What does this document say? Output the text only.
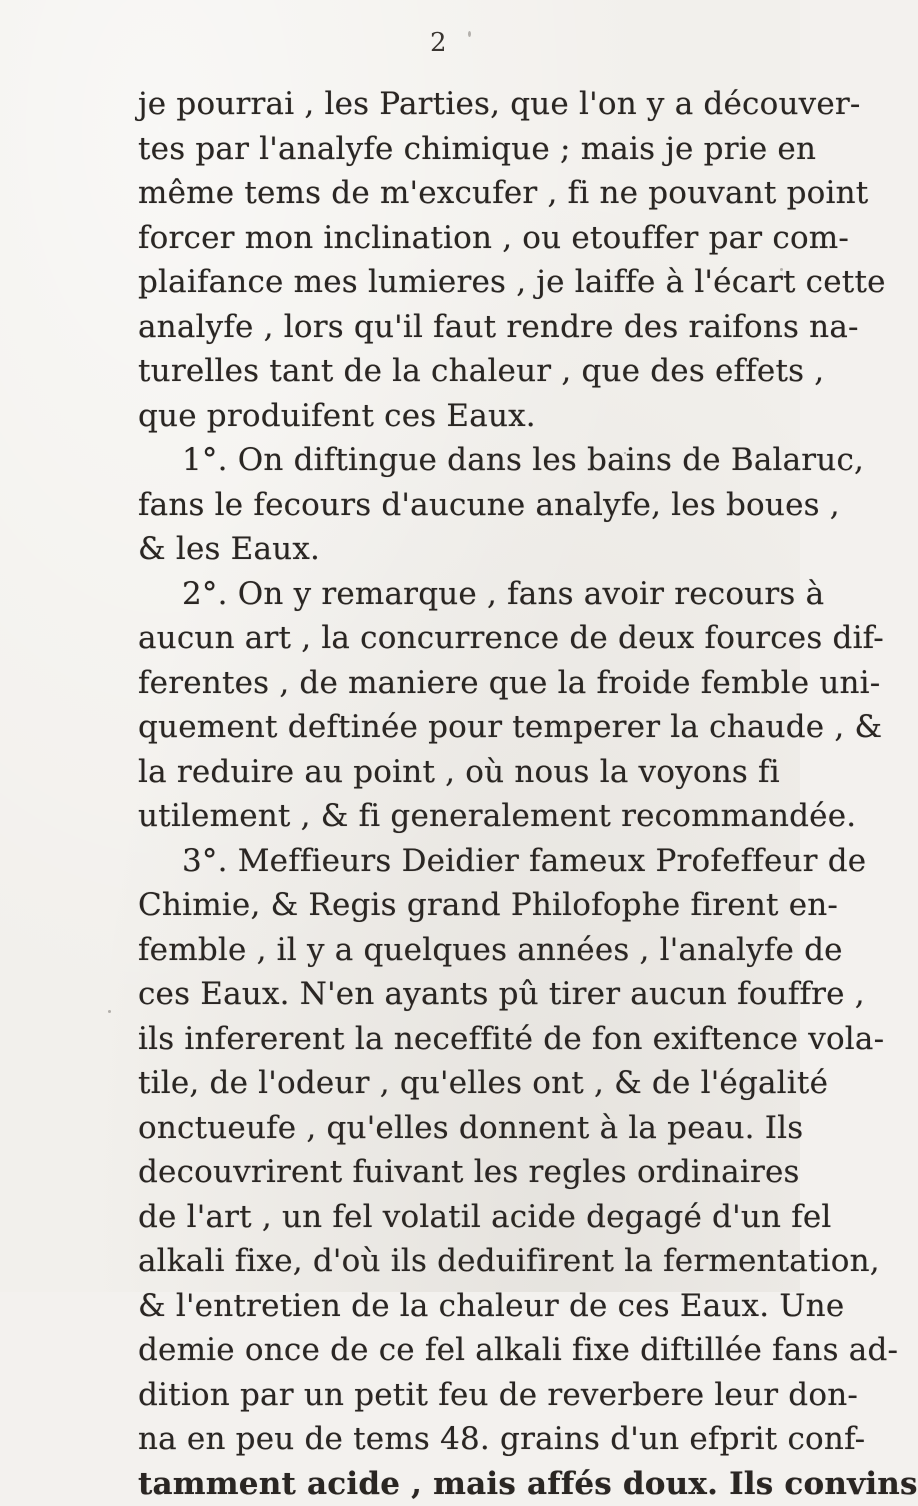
2
je pourrai , les Parties, que l'on y a découver-
tes par l'analyfe chimique ; mais je prie en
même tems de m'excufer , fi ne pouvant point
forcer mon inclination , ou etouffer par com-
plaifance mes lumieres , je laiffe à l'écart cette
analyfe , lors qu'il faut rendre des raifons na-
turelles tant de la chaleur , que des effets ,
que produifent ces Eaux.
1°. On diftingue dans les bains de Balaruc,
fans le fecours d'aucune analyfe, les boues ,
& les Eaux.
2°. On y remarque , fans avoir recours à
aucun art , la concurrence de deux fources dif-
ferentes , de maniere que la froide femble uni-
quement deftinée pour temperer la chaude , &
la reduire au point , où nous la voyons fi
utilement , & fi generalement recommandée.
3°. Meffieurs Deidier fameux Profeffeur de
Chimie, & Regis grand Philofophe firent en-
femble , il y a quelques années , l'analyfe de
ces Eaux. N'en ayants pû tirer aucun fouffre ,
ils infererent la neceffité de fon exiftence vola-
tile, de l'odeur , qu'elles ont , & de l'égalité
onctueufe , qu'elles donnent à la peau. Ils
decouvrirent fuivant les regles ordinaires
de l'art , un fel volatil acide degagé d'un fel
alkali fixe, d'où ils deduifirent la fermentation,
& l'entretien de la chaleur de ces Eaux. Une
demie once de ce fel alkali fixe diftillée fans ad-
dition par un petit feu de reverbere leur don-
na en peu de tems 48. grains d'un efprit conf-
tamment acide , mais affés doux. Ils convins
